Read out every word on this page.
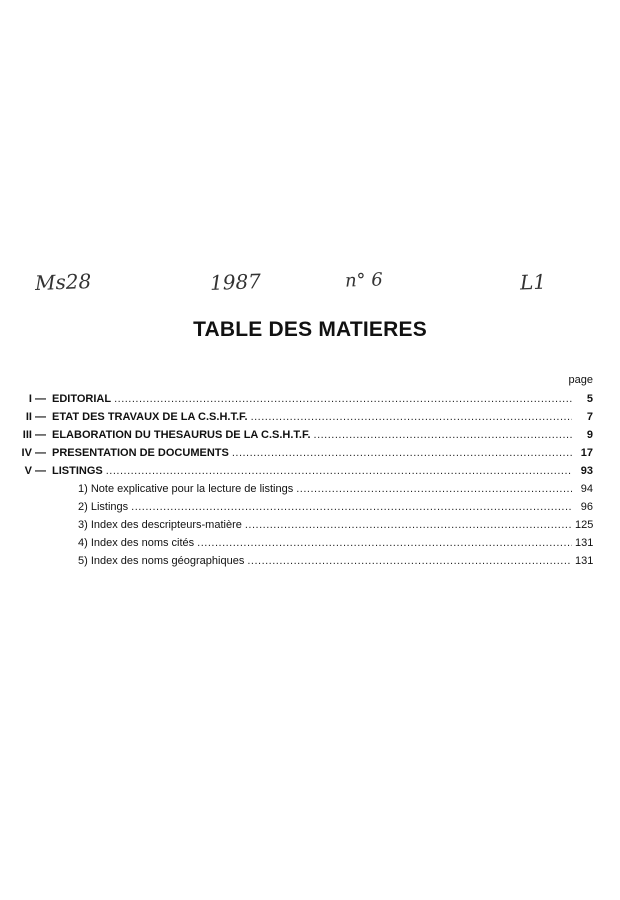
Ms28	1987	n° 6	L1
TABLE DES MATIERES
page
I — EDITORIAL .....	5
II — ETAT DES TRAVAUX DE LA C.S.H.T.F. .....	7
III — ELABORATION DU THESAURUS DE LA C.S.H.T.F. .....	9
IV — PRESENTATION DE DOCUMENTS .....	17
V — LISTINGS .....	93
1) Note explicative pour la lecture de listings .....	94
2) Listings .....	96
3) Index des descripteurs-matière .....	125
4) Index des noms cités .....	131
5) Index des noms géographiques .....	131
